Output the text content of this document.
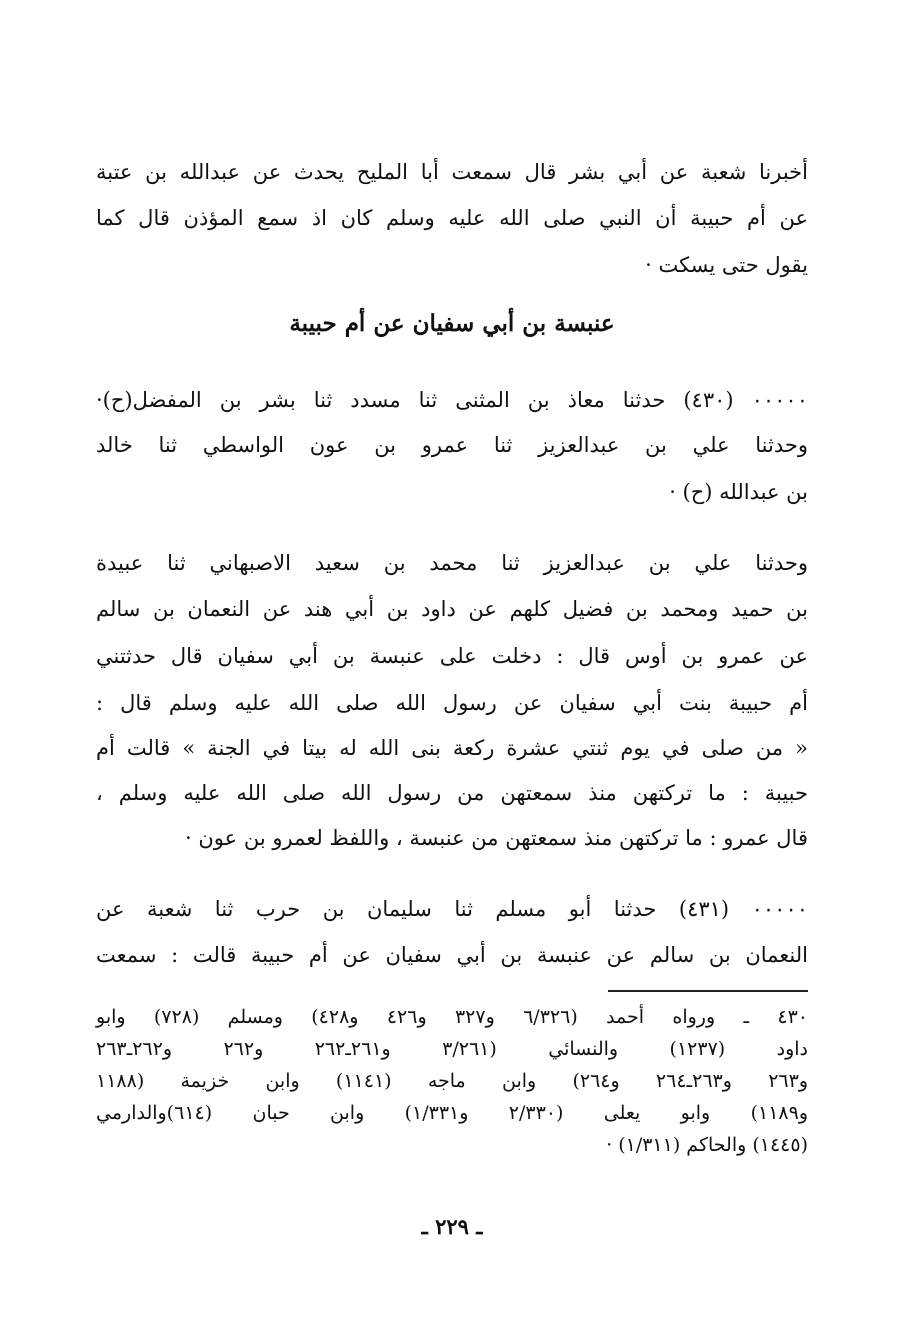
أخبرنا شعبة عن أبي بشر قال سمعت أبا المليح يحدث عن عبدالله بن عتبة
عن أم حبيبة أن النبي صلى الله عليه وسلم كان اذ سمع المؤذن قال كما
يقول حتى يسكت ·
عنبسة بن أبي سفيان عن أم حبيبة
٠٠٠٠٠ (٤٣٠) حدثنا معاذ بن المثنى ثنا مسدد ثنا بشر بن المفضل(ح)·
وحدثنا علي بن عبدالعزيز ثنا عمرو بن عون الواسطي ثنا خالد
بن عبدالله (ح) ·
وحدثنا علي بن عبدالعزيز ثنا محمد بن سعيد الاصبهاني ثنا عبيدة
بن حميد ومحمد بن فضيل كلهم عن داود بن أبي هند عن النعمان بن سالم
عن عمرو بن أوس قال : دخلت على عنبسة بن أبي سفيان قال حدثتني
أم حبيبة بنت أبي سفيان عن رسول الله صلى الله عليه وسلم قال :
« من صلى في يوم ثنتي عشرة ركعة بنى الله له بيتا في الجنة » قالت أم
حبيبة : ما تركتهن منذ سمعتهن من رسول الله صلى الله عليه وسلم ،
قال عمرو : ما تركتهن منذ سمعتهن من عنبسة ، واللفظ لعمرو بن عون ·
٠٠٠٠٠ (٤٣١) حدثنا أبو مسلم ثنا سليمان بن حرب ثنا شعبة عن
النعمان بن سالم عن عنبسة بن أبي سفيان عن أم حبيبة قالت : سمعت
٤٣٠ ـ ورواه أحمد (٦/٣٢٦ و٣٢٧ و٤٢٦ و٤٢٨) ومسلم (٧٢٨) وابو
داود (١٢٣٧) والنسائي (٣/٢٦١ و٢٦١ـ٢٦٢ و٢٦٢ و٢٦٢ـ٢٦٣
و٢٦٣ و٢٦٣ـ٢٦٤ و٢٦٤) وابن ماجه (١١٤١) وابن خزيمة (١١٨٨
و١١٨٩) وابو يعلى (٢/٣٣٠ و١/٣٣١) وابن حبان (٦١٤)والدارمي
(١٤٤٥) والحاكم (١/٣١١) ·
ـ ٢٢٩ ـ
